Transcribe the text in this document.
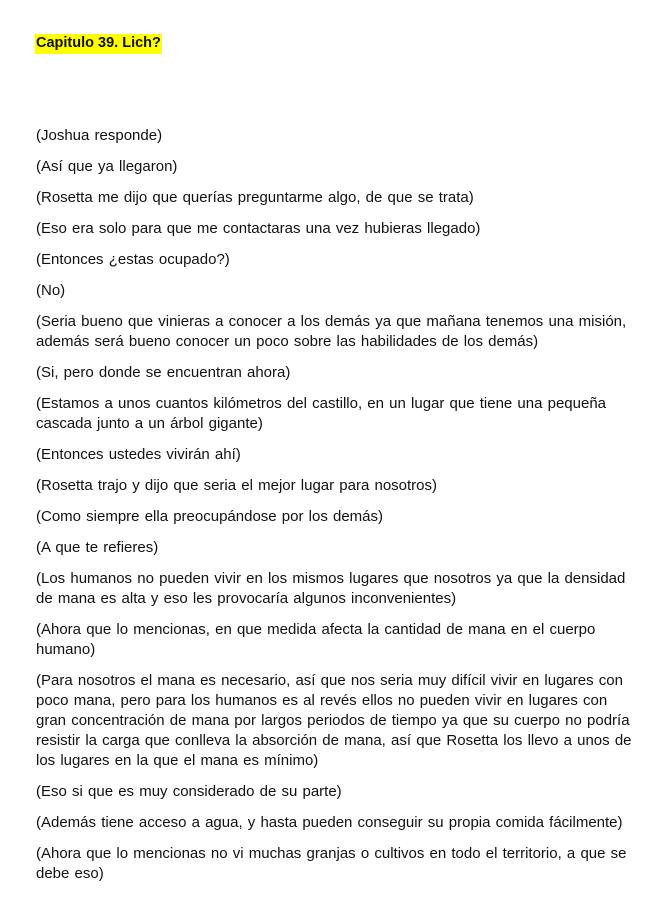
Capitulo 39. Lich?

(Joshua responde)

(Así que ya llegaron)

(Rosetta me dijo que querías preguntarme algo, de que se trata)

(Eso era solo para que me contactaras una vez hubieras llegado)

(Entonces ¿estas ocupado?)

(No)

(Seria bueno que vinieras a conocer a los demás ya que mañana tenemos una misión, además será bueno conocer un poco sobre las habilidades de los demás)

(Si, pero donde se encuentran ahora)

(Estamos a unos cuantos kilómetros del castillo, en un lugar que tiene una pequeña cascada junto a un árbol gigante)

(Entonces ustedes vivirán ahí)

(Rosetta trajo y dijo que seria el mejor lugar para nosotros)

(Como siempre ella preocupándose por los demás)

(A que te refieres)

(Los humanos no pueden vivir en los mismos lugares que nosotros ya que la densidad de mana es alta y eso les provocaría algunos inconvenientes)

(Ahora que lo mencionas, en que medida afecta la cantidad de mana en el cuerpo humano)

(Para nosotros el mana es necesario, así que nos seria muy difícil vivir en lugares con poco mana, pero para los humanos es al revés ellos no pueden vivir en lugares con gran concentración de mana por largos periodos de tiempo ya que su cuerpo no podría resistir la carga que conlleva la absorción de mana, así que Rosetta los llevo a unos de los lugares en la que el mana es mínimo)

(Eso si que es muy considerado de su parte)

(Además tiene acceso a agua, y hasta pueden conseguir su propia comida fácilmente)

(Ahora que lo mencionas no vi muchas granjas o cultivos en todo el territorio, a que se debe eso)
